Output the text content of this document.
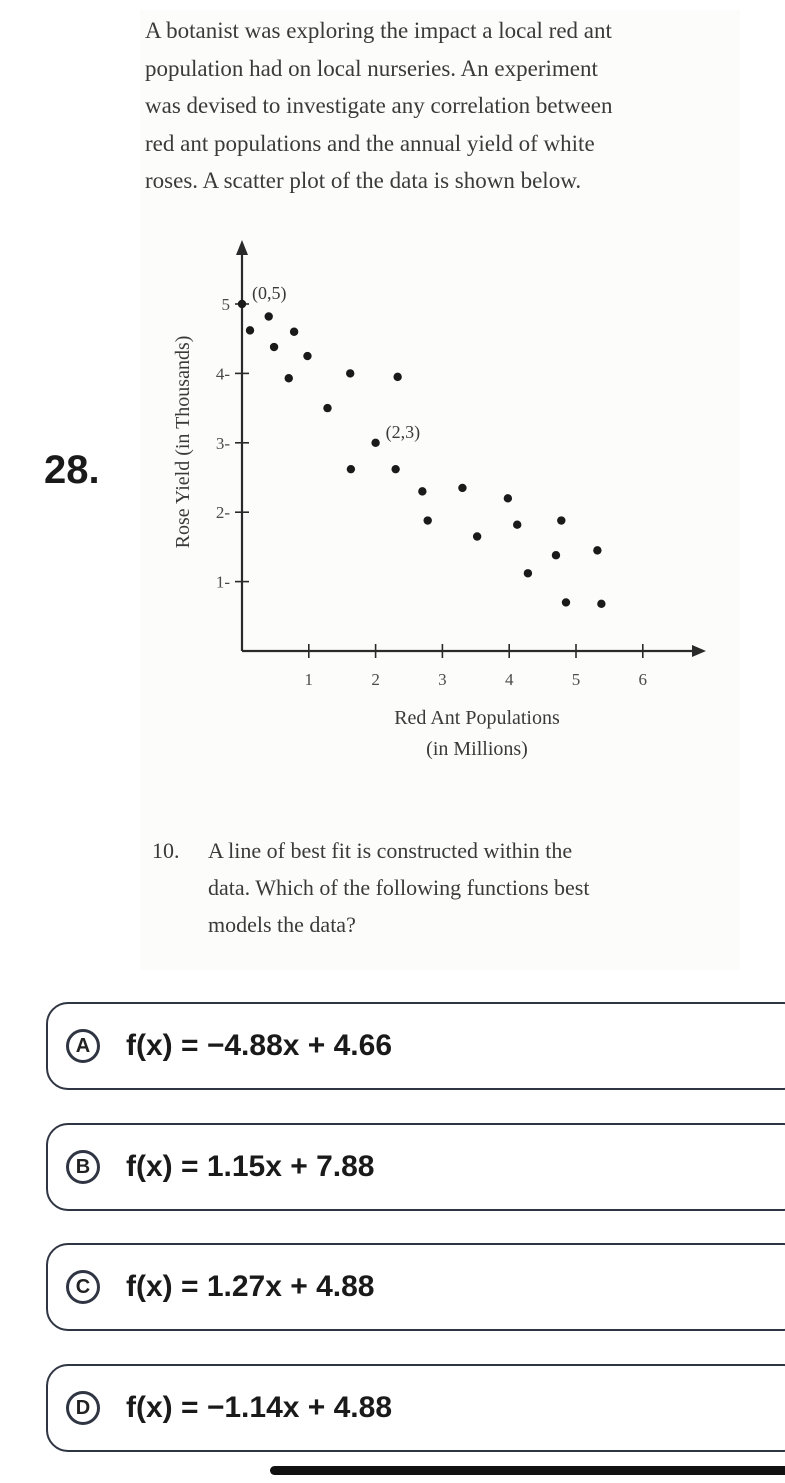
28.

A botanist was exploring the impact a local red ant

population had on local nurseries. An experiment

was devised to investigate any correlation between

red ant populations and the annual yield of white

roses. A scatter plot of the data is shown below.

1	2	3	4	5	6
1-
2-
3-
4-
5
(0,5)
(2,3)
Red Ant Populations
(in Millions)
Rose Yield (in Thousands)
10.	A line of best fit is constructed within the
data. Which of the following functions best
models the data?
A	f(x) = −4.88x + 4.66
B	f(x) = 1.15x + 7.88
C	f(x) = 1.27x + 4.88
D	f(x) = −1.14x + 4.88
